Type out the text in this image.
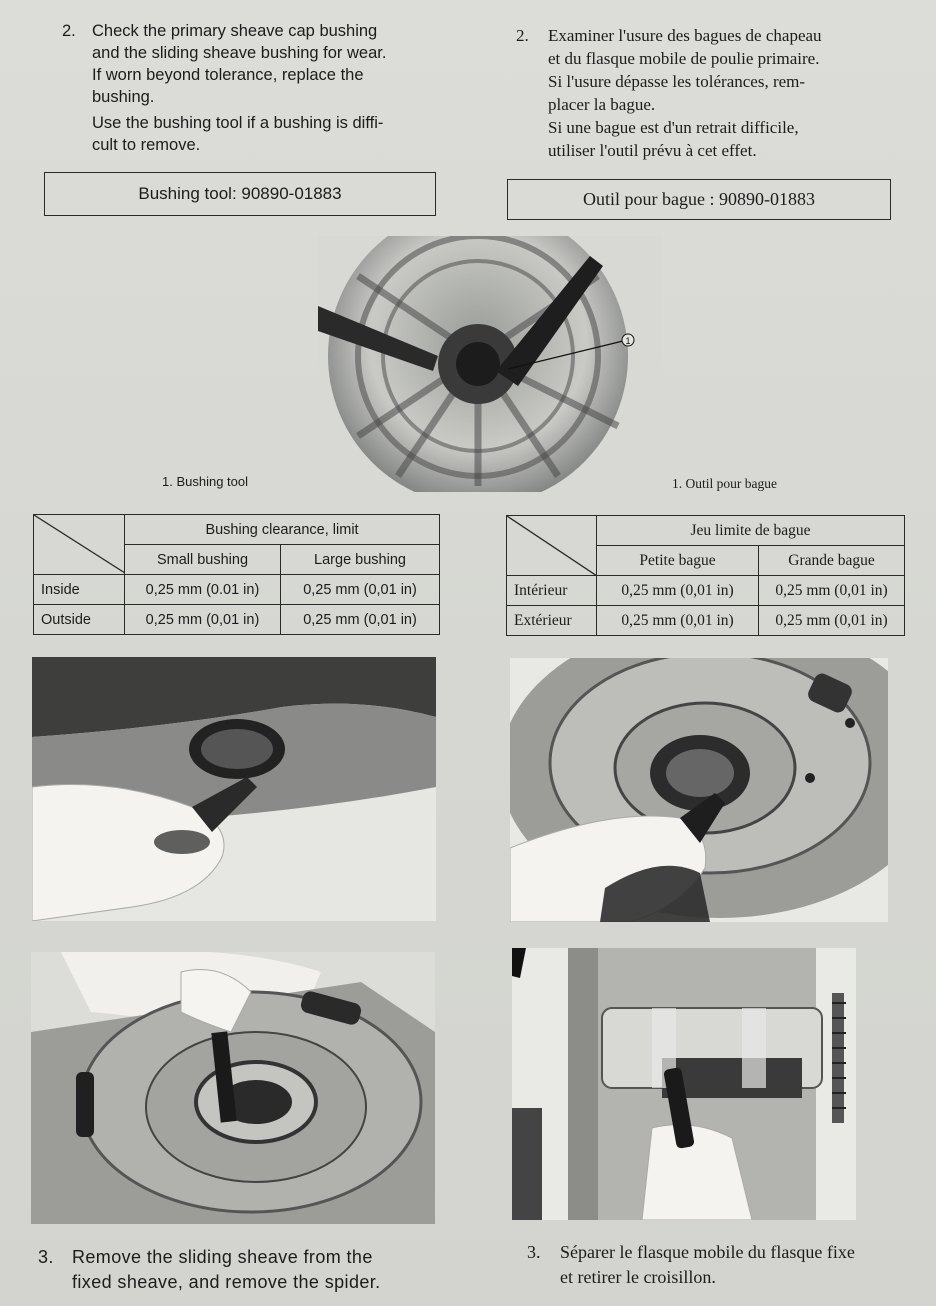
2. Check the primary sheave cap bushing
and the sliding sheave bushing for wear.
If worn beyond tolerance, replace the
bushing.
Use the bushing tool if a bushing is diffi-
cult to remove.
2. Examiner l'usure des bagues de chapeau
et du flasque mobile de poulie primaire.
Si l'usure dépasse les tolérances, rem-
placer la bague.
Si une bague est d'un retrait difficile,
utiliser l'outil prévu à cet effet.
Bushing tool: 90890-01883	Outil pour bague : 90890-01883
1
1. Bushing tool	1. Outil pour bague
	Bushing clearance, limit	
	Small bushing	Large bushing
Inside	0,25 mm (0.01 in)	0,25 mm (0,01 in)
Outside	0,25 mm (0,01 in)	0,25 mm (0,01 in)
	Jeu limite de bague	
	Petite bague	Grande bague
Intérieur	0,25 mm (0,01 in)	0,25 mm (0,01 in)
Extérieur	0,25 mm (0,01 in)	0,25 mm (0,01 in)
3. Remove the sliding sheave from the
fixed sheave, and remove the spider.
3. Séparer le flasque mobile du flasque fixe
et retirer le croisillon.
